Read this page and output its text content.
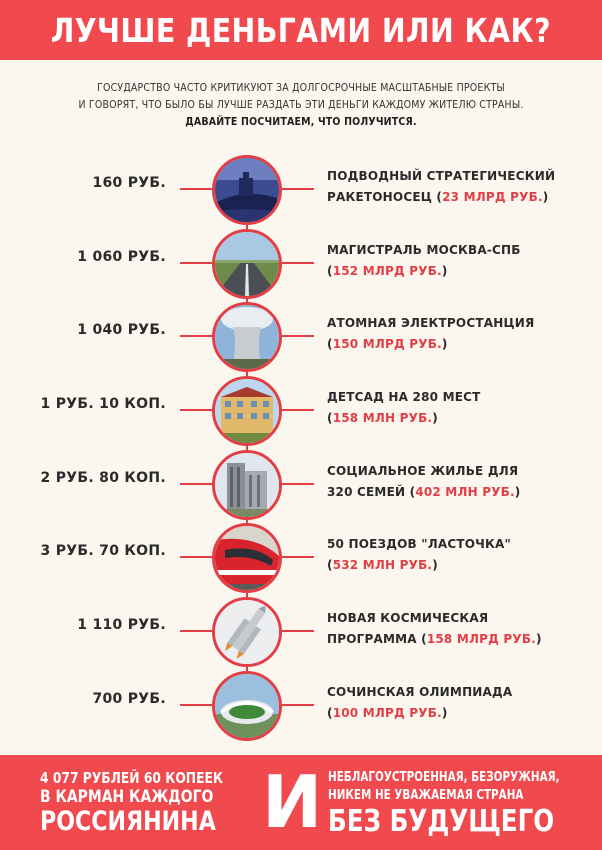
ЛУЧШЕ ДЕНЬГАМИ ИЛИ КАК?
ГОСУДАРСТВО ЧАСТО КРИТИКУЮТ ЗА ДОЛГОСРОЧНЫЕ МАСШТАБНЫЕ ПРОЕКТЫ
И ГОВОРЯТ, ЧТО БЫЛО БЫ ЛУЧШЕ РАЗДАТЬ ЭТИ ДЕНЬГИ КАЖДОМУ ЖИТЕЛЮ СТРАНЫ.
ДАВАЙТЕ ПОСЧИТАЕМ, ЧТО ПОЛУЧИТСЯ.
160 РУБ.	ПОДВОДНЫЙ СТРАТЕГИЧЕСКИЙ
РАКЕТОНОСЕЦ (23 МЛРД РУБ.)
1 060 РУБ.	МАГИСТРАЛЬ МОСКВА-СПБ
(152 МЛРД РУБ.)
1 040 РУБ.	АТОМНАЯ ЭЛЕКТРОСТАНЦИЯ
(150 МЛРД РУБ.)
1 РУБ. 10 КОП.	ДЕТСАД НА 280 МЕСТ
(158 МЛН РУБ.)
2 РУБ. 80 КОП.	СОЦИАЛЬНОЕ ЖИЛЬЕ ДЛЯ
320 СЕМЕЙ (402 МЛН РУБ.)
3 РУБ. 70 КОП.	50 ПОЕЗДОВ "ЛАСТОЧКА"
(532 МЛН РУБ.)
1 110 РУБ.	НОВАЯ КОСМИЧЕСКАЯ
ПРОГРАММА (158 МЛРД РУБ.)
700 РУБ.	СОЧИНСКАЯ ОЛИМПИАДА
(100 МЛРД РУБ.)
4 077 РУБЛЕЙ 60 КОПЕЕК
В КАРМАН КАЖДОГО
РОССИЯНИНА И НЕБЛАГОУСТРОЕННАЯ, БЕЗОРУЖНАЯ,
НИКЕМ НЕ УВАЖАЕМАЯ СТРАНА
БЕЗ БУДУЩЕГО
